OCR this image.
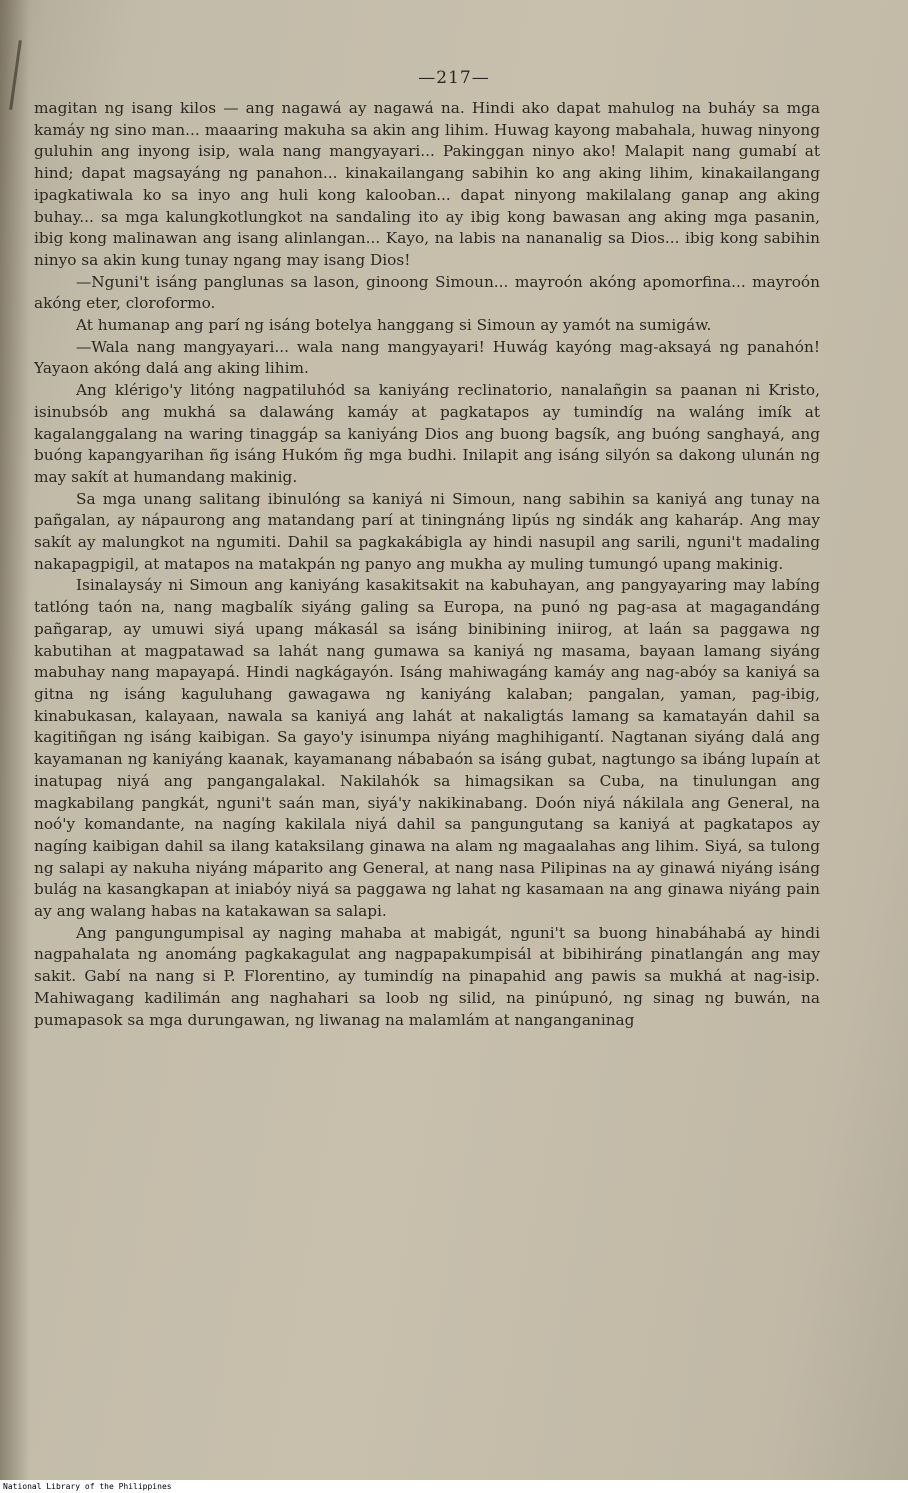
—217—

magitan ng isang kilos — ang nagawá ay nagawá na. Hindi ako dapat mahulog na buháy sa mga kamáy ng sino man... maaaring makuha sa akin ang lihim. Huwag kayong mabahala, huwag ninyong guluhin ang inyong isip, wala nang mangyayari... Pakinggan ninyo ako! Malapit nang gumabí at hind; dapat magsayáng ng panahon... kinakailangang sabihin ko ang aking lihim, kinakailangang ipagkatiwala ko sa inyo ang huli kong kalooban... dapat ninyong makilalang ganap ang aking buhay... sa mga kalungkotlungkot na sandaling ito ay ibig kong bawasan ang aking mga pasanin, ibig kong malinawan ang isang alinlangan... Kayo, na labis na nananalig sa Dios... ibig kong sabihin ninyo sa akin kung tunay ngang may isang Dios!

—Nguni't isáng panglunas sa lason, ginoong Simoun... mayroón akóng apomorfina... mayroón akóng eter, cloroformo.

At humanap ang parí ng isáng botelya hanggang si Simoun ay yamót na sumigáw.

—Wala nang mangyayari... wala nang mangyayari! Huwág kayóng mag-aksayá ng panahón! Yayaon akóng dalá ang aking lihim.

Ang klérigo'y litóng nagpatiluhód sa kaniyáng reclinatorio, nanalañgin sa paanan ni Kristo, isinubsób ang mukhá sa dalawáng kamáy at pagkatapos ay tumindíg na waláng imík at kagalanggalang na waring tinaggáp sa kaniyáng Dios ang buong bagsík, ang buóng sanghayá, ang buóng kapangyarihan ñg isáng Hukóm ñg mga budhi. Inilapit ang isáng silyón sa dakong ulunán ng may sakít at humandang makinig.

Sa mga unang salitang ibinulóng sa kaniyá ni Simoun, nang sabihin sa kaniyá ang tunay na pañgalan, ay nápaurong ang matandang parí at tiningnáng lipús ng sindák ang kaharáp. Ang may sakít ay malungkot na ngumiti. Dahil sa pagkakábigla ay hindi nasupil ang sarili, nguni't madaling nakapagpigil, at matapos na matakpán ng panyo ang mukha ay muling tumungó upang makinig.

Isinalaysáy ni Simoun ang kaniyáng kasakitsakit na kabuhayan, ang pangyayaring may labíng tatlóng taón na, nang magbalík siyáng galing sa Europa, na punó ng pag-asa at magagandáng pañgarap, ay umuwi siyá upang mákasál sa isáng binibining iniirog, at laán sa paggawa ng kabutihan at magpatawad sa lahát nang gumawa sa kaniyá ng masama, bayaan lamang siyáng mabuhay nang mapayapá. Hindi nagkágayón. Isáng mahiwagáng kamáy ang nag-abóy sa kaniyá sa gitna ng isáng kaguluhang gawagawa ng kaniyáng kalaban; pangalan, yaman, pag-ibig, kinabukasan, kalayaan, nawala sa kaniyá ang lahát at nakaligtás lamang sa kamatayán dahil sa kagitiñgan ng isáng kaibigan. Sa gayo'y isinumpa niyáng maghihigantí. Nagtanan siyáng dalá ang kayamanan ng kaniyáng kaanak, kayamanang nábabaón sa isáng gubat, nagtungo sa ibáng lupaín at inatupag niyá ang pangangalakal. Nakilahók sa himagsikan sa Cuba, na tinulungan ang magkabilang pangkát, nguni't saán man, siyá'y nakikinabang. Doón niyá nákilala ang General, na noó'y komandante, na nagíng kakilala niyá dahil sa pangungutang sa kaniyá at pagkatapos ay nagíng kaibigan dahil sa ilang kataksilang ginawa na alam ng magaalahas ang lihim. Siyá, sa tulong ng salapi ay nakuha niyáng máparito ang General, at nang nasa Pilipinas na ay ginawá niyáng isáng bulág na kasangkapan at iniabóy niyá sa paggawa ng lahat ng kasamaan na ang ginawa niyáng pain ay ang walang habas na katakawan sa salapi.

Ang pangungumpisal ay naging mahaba at mabigát, nguni't sa buong hinabáhabá ay hindi nagpahalata ng anománg pagkakagulat ang nagpapakumpisál at bibihiráng pinatlangán ang may sakit. Gabí na nang si P. Florentino, ay tumindíg na pinapahid ang pawis sa mukhá at nag-isip. Mahiwagang kadilimán ang naghahari sa loob ng silid, na pinúpunó, ng sinag ng buwán, na pumapasok sa mga durungawan, ng liwanag na malamlám at nanganganinag

National Library of the Philippines
